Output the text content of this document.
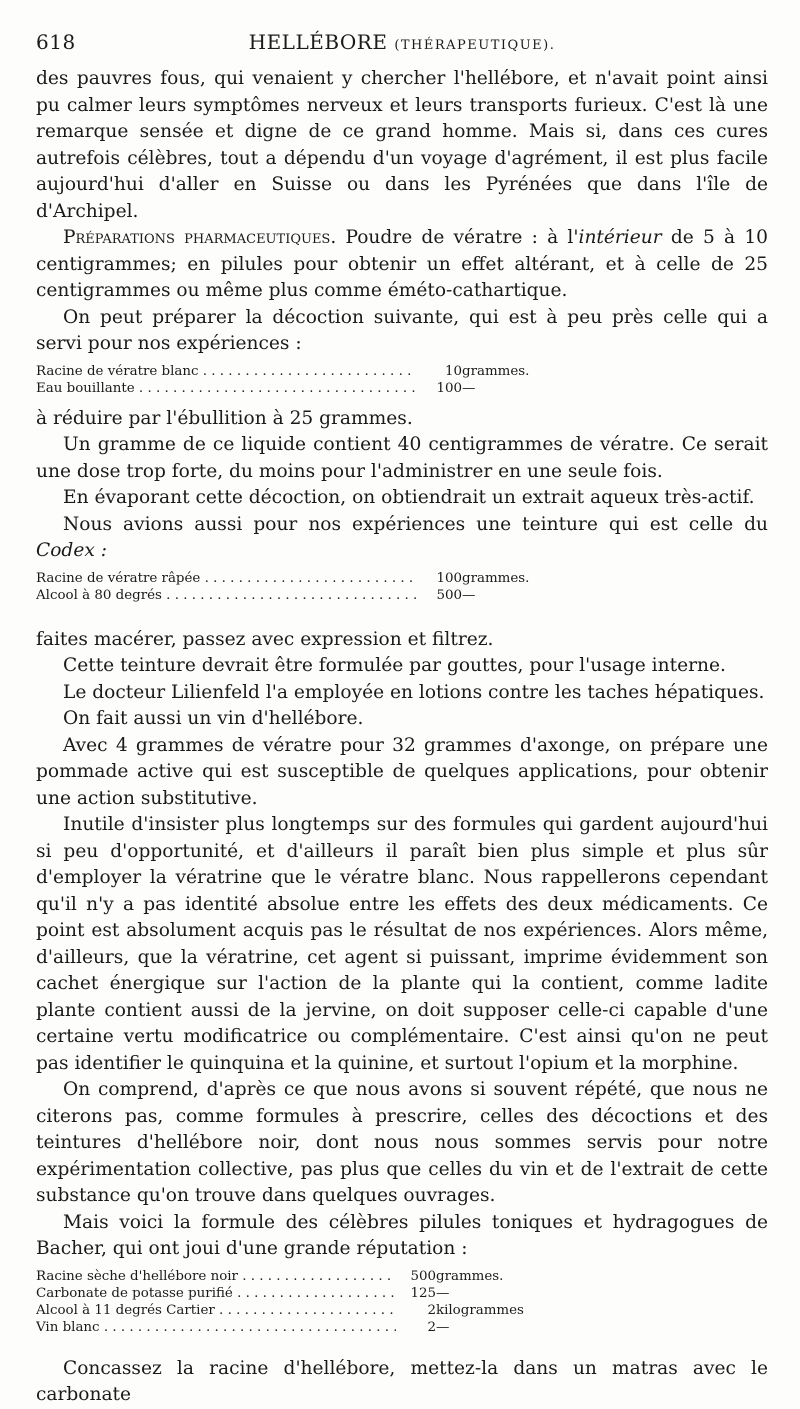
618	HELLÉBORE (THÉRAPEUTIQUE).

des pauvres fous, qui venaient y chercher l'hellébore, et n'avait point ainsi pu calmer leurs symptômes nerveux et leurs transports furieux. C'est là une remarque sensée et digne de ce grand homme. Mais si, dans ces cures autrefois célèbres, tout a dépendu d'un voyage d'agrément, il est plus facile aujourd'hui d'aller en Suisse ou dans les Pyrénées que dans l'île de d'Archipel.

Préparations pharmaceutiques. Poudre de vératre : à l'intérieur de 5 à 10 centigrammes; en pilules pour obtenir un effet altérant, et à celle de 25 centigrammes ou même plus comme éméto-cathartique.

On peut préparer la décoction suivante, qui est à peu près celle qui a servi pour nos expériences :

Racine de vératre blanc . . .	10	grammes.

Eau bouillante . . .	100	—

à réduire par l'ébullition à 25 grammes.

Un gramme de ce liquide contient 40 centigrammes de vératre. Ce serait une dose trop forte, du moins pour l'administrer en une seule fois.

En évaporant cette décoction, on obtiendrait un extrait aqueux très-actif.

Nous avions aussi pour nos expériences une teinture qui est celle du Codex :

Racine de vératre râpée . . .	100	grammes.

Alcool à 80 degrés . . .	500	—

faites macérer, passez avec expression et filtrez.

Cette teinture devrait être formulée par gouttes, pour l'usage interne.

Le docteur Lilienfeld l'a employée en lotions contre les taches hépatiques.

On fait aussi un vin d'hellébore.

Avec 4 grammes de vératre pour 32 grammes d'axonge, on prépare une pommade active qui est susceptible de quelques applications, pour obtenir une action substitutive.

Inutile d'insister plus longtemps sur des formules qui gardent aujourd'hui si peu d'opportunité, et d'ailleurs il paraît bien plus simple et plus sûr d'employer la vératrine que le vératre blanc. Nous rappellerons cependant qu'il n'y a pas identité absolue entre les effets des deux médicaments. Ce point est absolument acquis pas le résultat de nos expériences. Alors même, d'ailleurs, que la vératrine, cet agent si puissant, imprime évidemment son cachet énergique sur l'action de la plante qui la contient, comme ladite plante contient aussi de la jervine, on doit supposer celle-ci capable d'une certaine vertu modificatrice ou complémentaire. C'est ainsi qu'on ne peut pas identifier le quinquina et la quinine, et surtout l'opium et la morphine.

On comprend, d'après ce que nous avons si souvent répété, que nous ne citerons pas, comme formules à prescrire, celles des décoctions et des teintures d'hellébore noir, dont nous nous sommes servis pour notre expérimentation collective, pas plus que celles du vin et de l'extrait de cette substance qu'on trouve dans quelques ouvrages.

Mais voici la formule des célèbres pilules toniques et hydragogues de Bacher, qui ont joui d'une grande réputation :

Racine sèche d'hellébore noir . . .	500	grammes.

Carbonate de potasse purifié . . .	125	—

Alcool à 11 degrés Cartier . . .	2	kilogrammes

Vin blanc . . .	2	—

Concassez la racine d'hellébore, mettez-la dans un matras avec le carbonate
